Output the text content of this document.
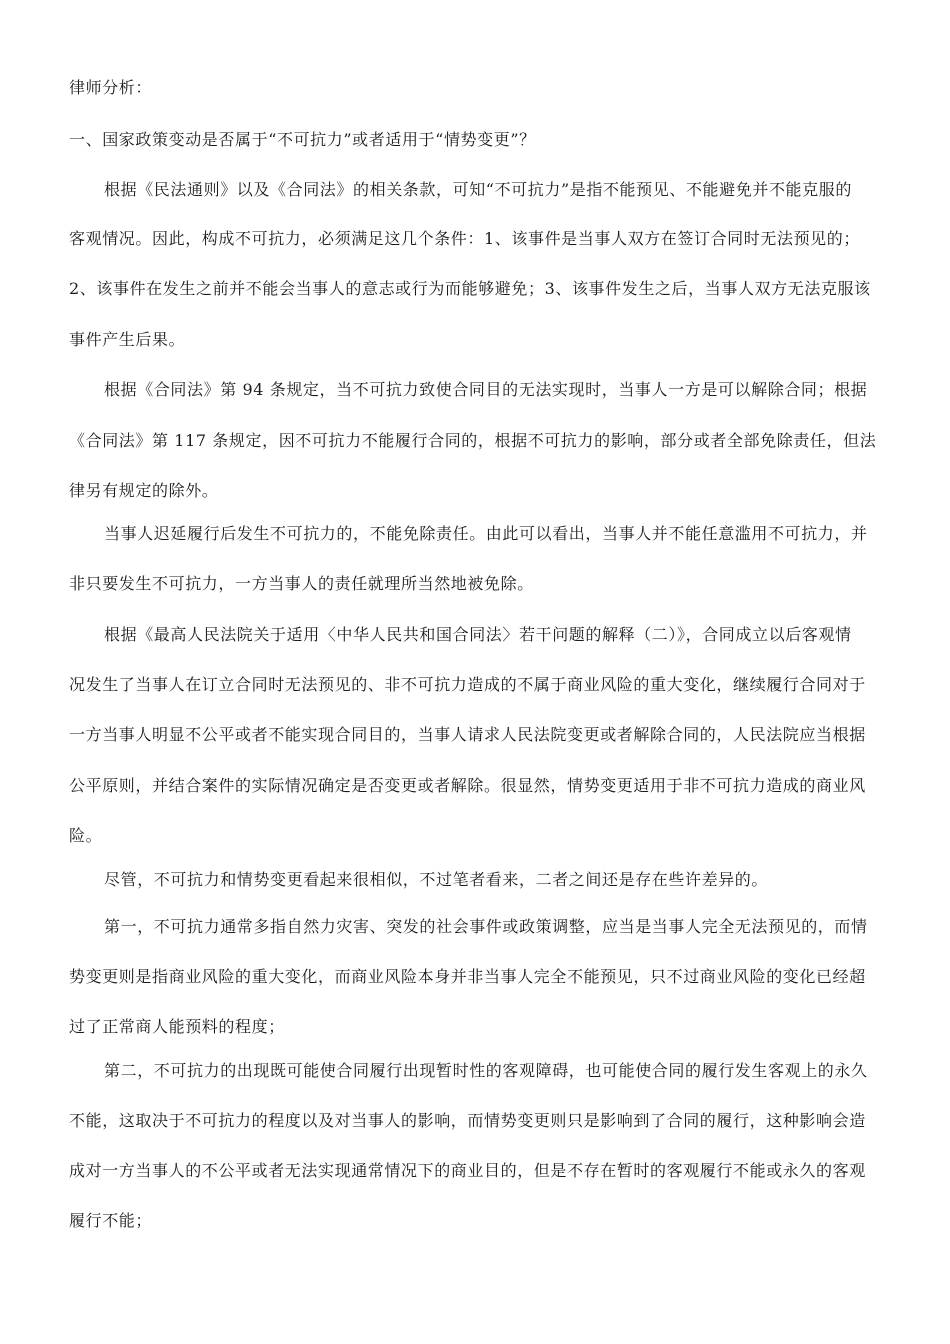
律师分析：
一、国家政策变动是否属于“不可抗力”或者适用于“情势变更”？
根据《民法通则》以及《合同法》的相关条款，可知“不可抗力”是指不能预见、不能避免并不能克服的
客观情况。因此，构成不可抗力，必须满足这几个条件：1、该事件是当事人双方在签订合同时无法预见的；
2、该事件在发生之前并不能会当事人的意志或行为而能够避免；3、该事件发生之后，当事人双方无法克服该
事件产生后果。
根据《合同法》第 94 条规定，当不可抗力致使合同目的无法实现时，当事人一方是可以解除合同；根据
《合同法》第 117 条规定，因不可抗力不能履行合同的，根据不可抗力的影响，部分或者全部免除责任，但法
律另有规定的除外。
当事人迟延履行后发生不可抗力的，不能免除责任。由此可以看出，当事人并不能任意滥用不可抗力，并
非只要发生不可抗力，一方当事人的责任就理所当然地被免除。
根据《最高人民法院关于适用〈中华人民共和国合同法〉若干问题的解释（二）》，合同成立以后客观情
况发生了当事人在订立合同时无法预见的、非不可抗力造成的不属于商业风险的重大变化，继续履行合同对于
一方当事人明显不公平或者不能实现合同目的，当事人请求人民法院变更或者解除合同的，人民法院应当根据
公平原则，并结合案件的实际情况确定是否变更或者解除。很显然，情势变更适用于非不可抗力造成的商业风
险。
尽管，不可抗力和情势变更看起来很相似，不过笔者看来，二者之间还是存在些许差异的。
第一，不可抗力通常多指自然力灾害、突发的社会事件或政策调整，应当是当事人完全无法预见的，而情
势变更则是指商业风险的重大变化，而商业风险本身并非当事人完全不能预见，只不过商业风险的变化已经超
过了正常商人能预料的程度；
第二，不可抗力的出现既可能使合同履行出现暂时性的客观障碍，也可能使合同的履行发生客观上的永久
不能，这取决于不可抗力的程度以及对当事人的影响，而情势变更则只是影响到了合同的履行，这种影响会造
成对一方当事人的不公平或者无法实现通常情况下的商业目的，但是不存在暂时的客观履行不能或永久的客观
履行不能；
